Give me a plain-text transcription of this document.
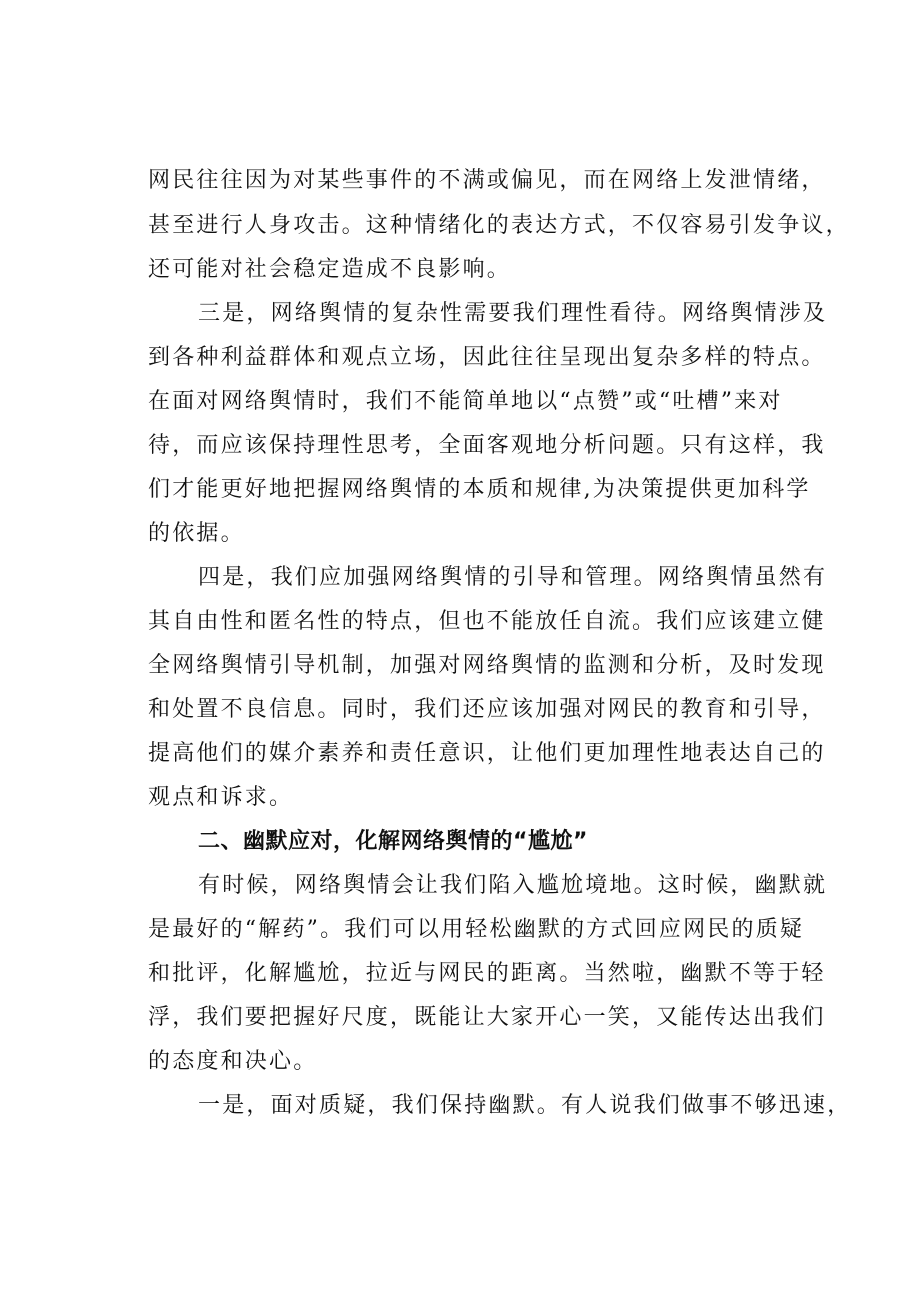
网民往往因为对某些事件的不满或偏见，而在网络上发泄情绪，
甚至进行人身攻击。这种情绪化的表达方式，不仅容易引发争议，
还可能对社会稳定造成不良影响。
三是，网络舆情的复杂性需要我们理性看待。网络舆情涉及
到各种利益群体和观点立场，因此往往呈现出复杂多样的特点。
在面对网络舆情时，我们不能简单地以“点赞”或“吐槽”来对
待，而应该保持理性思考，全面客观地分析问题。只有这样，我
们才能更好地把握网络舆情的本质和规律,为决策提供更加科学
的依据。
四是，我们应加强网络舆情的引导和管理。网络舆情虽然有
其自由性和匿名性的特点，但也不能放任自流。我们应该建立健
全网络舆情引导机制，加强对网络舆情的监测和分析，及时发现
和处置不良信息。同时，我们还应该加强对网民的教育和引导，
提高他们的媒介素养和责任意识，让他们更加理性地表达自己的
观点和诉求。
二、幽默应对，化解网络舆情的“尴尬”
有时候，网络舆情会让我们陷入尴尬境地。这时候，幽默就
是最好的“解药”。我们可以用轻松幽默的方式回应网民的质疑
和批评，化解尴尬，拉近与网民的距离。当然啦，幽默不等于轻
浮，我们要把握好尺度，既能让大家开心一笑，又能传达出我们
的态度和决心。
一是，面对质疑，我们保持幽默。有人说我们做事不够迅速，
